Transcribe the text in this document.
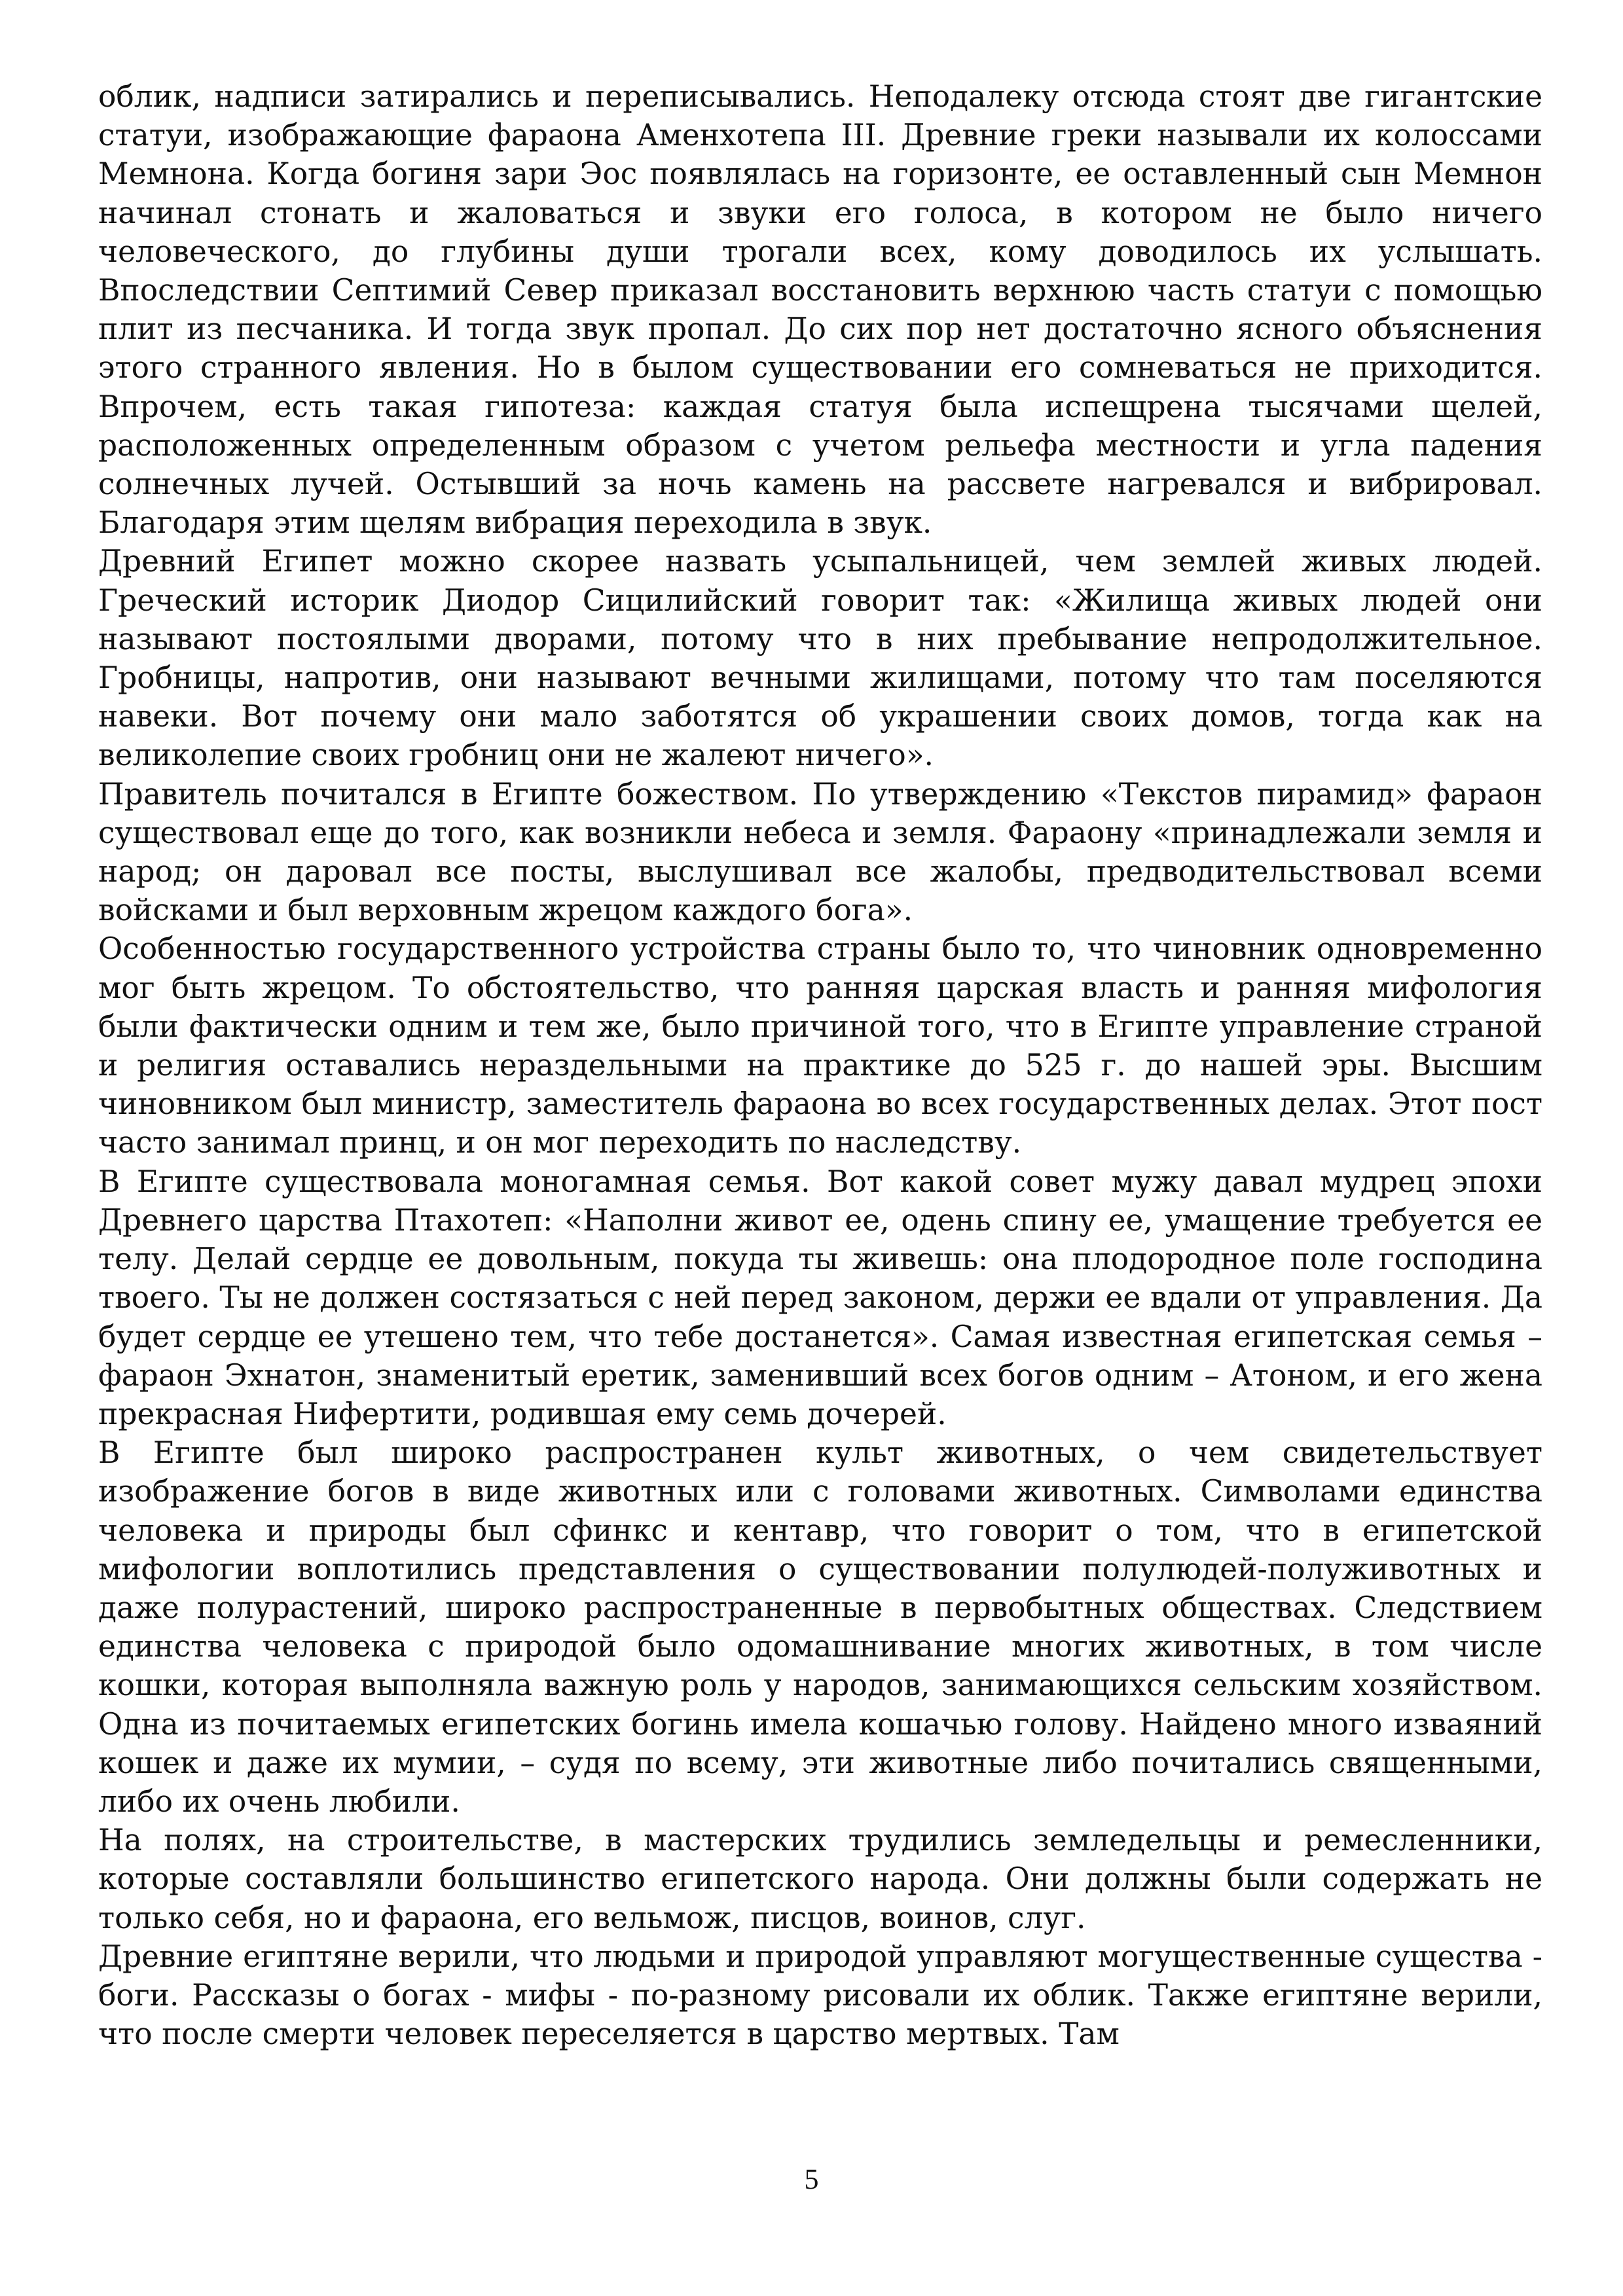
облик, надписи затирались и переписывались. Неподалеку отсюда стоят две гигантские статуи, изображающие фараона Аменхотепа III. Древние греки называли их колоссами Мемнона. Когда богиня зари Эос появлялась на горизонте, ее оставленный сын Мемнон начинал стонать и жаловаться и звуки его голоса, в котором не было ничего человеческого, до глубины души трогали всех, кому доводилось их услышать. Впоследствии Септимий Север приказал восстановить верхнюю часть статуи с помощью плит из песчаника. И тогда звук пропал. До сих пор нет достаточно ясного объяснения этого странного явления. Но в былом существовании его сомневаться не приходится. Впрочем, есть такая гипотеза: каждая статуя была испещрена тысячами щелей, расположенных определенным образом с учетом рельефа местности и угла падения солнечных лучей. Остывший за ночь камень на рассвете нагревался и вибрировал. Благодаря этим щелям вибрация переходила в звук.

Древний Египет можно скорее назвать усыпальницей, чем землей живых людей. Греческий историк Диодор Сицилийский говорит так: «Жилища живых людей они называют постоялыми дворами, потому что в них пребывание непродолжительное. Гробницы, напротив, они называют вечными жилищами, потому что там поселяются навеки. Вот почему они мало заботятся об украшении своих домов, тогда как на великолепие своих гробниц они не жалеют ничего».

Правитель почитался в Египте божеством. По утверждению «Текстов пирамид» фараон существовал еще до того, как возникли небеса и земля. Фараону «принадлежали земля и народ; он даровал все посты, выслушивал все жалобы, предводительствовал всеми войсками и был верховным жрецом каждого бога».

Особенностью государственного устройства страны было то, что чиновник одновременно мог быть жрецом. То обстоятельство, что ранняя царская власть и ранняя мифология были фактически одним и тем же, было причиной того, что в Египте управление страной и религия оставались нераздельными на практике до 525 г. до нашей эры. Высшим чиновником был министр, заместитель фараона во всех государственных делах. Этот пост часто занимал принц, и он мог переходить по наследству.

В Египте существовала моногамная семья. Вот какой совет мужу давал мудрец эпохи Древнего царства Птахотеп: «Наполни живот ее, одень спину ее, умащение требуется ее телу. Делай сердце ее довольным, покуда ты живешь: она плодородное поле господина твоего. Ты не должен состязаться с ней перед законом, держи ее вдали от управления. Да будет сердце ее утешено тем, что тебе достанется». Самая известная египетская семья – фараон Эхнатон, знаменитый еретик, заменивший всех богов одним – Атоном, и его жена прекрасная Нифертити, родившая ему семь дочерей.

В Египте был широко распространен культ животных, о чем свидетельствует изображение богов в виде животных или с головами животных. Символами единства человека и природы был сфинкс и кентавр, что говорит о том, что в египетской мифологии воплотились представления о существовании полулюдей-полуживотных и даже полурастений, широко распространенные в первобытных обществах. Следствием единства человека с природой было одомашнивание многих животных, в том числе кошки, которая выполняла важную роль у народов, занимающихся сельским хозяйством. Одна из почитаемых египетских богинь имела кошачью голову. Найдено много изваяний кошек и даже их мумии, – судя по всему, эти животные либо почитались священными, либо их очень любили.

На полях, на строительстве, в мастерских трудились земледельцы и ремесленники, которые составляли большинство египетского народа. Они должны были содержать не только себя, но и фараона, его вельмож, писцов, воинов, слуг.

Древние египтяне верили, что людьми и природой управляют могущественные существа - боги. Рассказы о богах - мифы - по-разному рисовали их облик. Также египтяне верили, что после смерти человек переселяется в царство мертвых. Там

5
